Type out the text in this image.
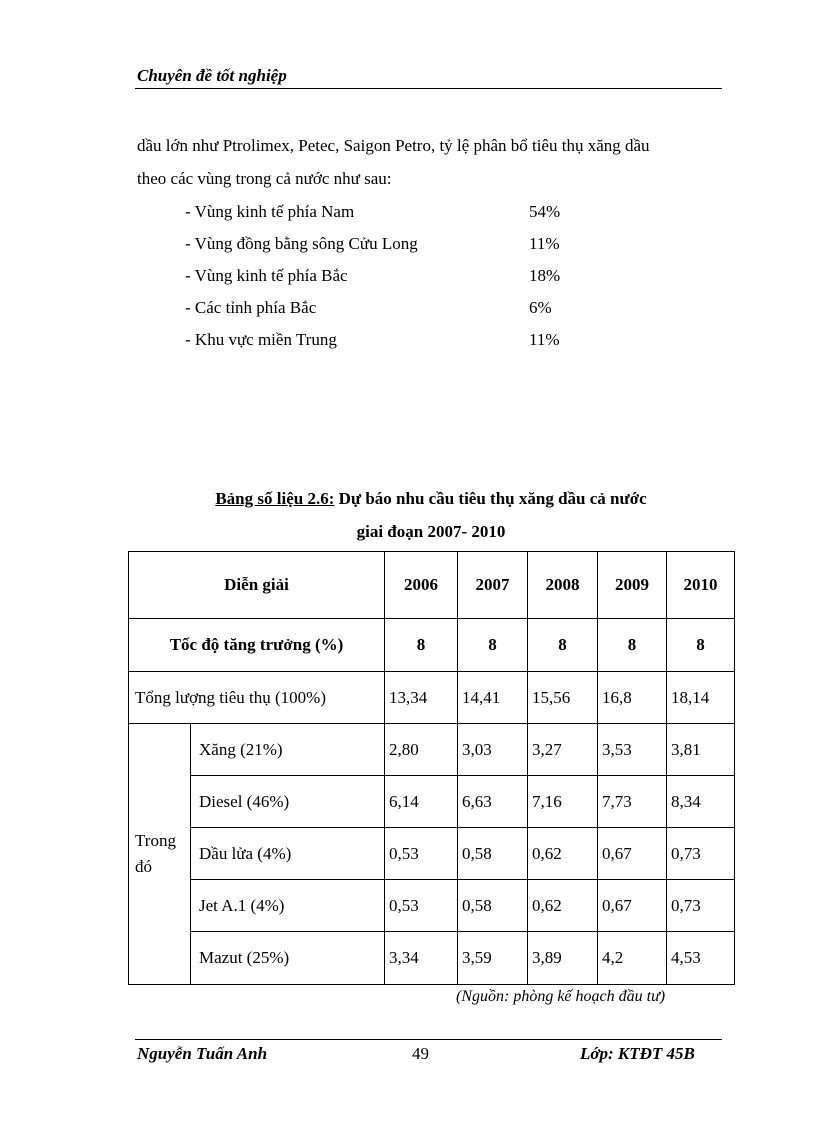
Chuyên đề tốt nghiệp
dầu lớn như Ptrolimex, Petec, Saigon Petro, tỷ lệ phân bổ tiêu thụ xăng dầu
theo các vùng trong cả nước như sau:
- Vùng kinh tế phía Nam	54%
- Vùng đồng bằng sông Cửu Long	11%
- Vùng kinh tế phía Bắc	18%
- Các tỉnh phía Bắc	6%
- Khu vực miền Trung	11%
Bảng số liệu 2.6: Dự báo nhu cầu tiêu thụ xăng dầu cả nước
giai đoạn 2007- 2010
Diễn giải		2006	2007	2008	2009	2010
Tốc độ tăng trưởng (%)		8	8	8	8	8
Tổng lượng tiêu thụ (100%)		13,34	14,41	15,56	16,8	18,14
Trong đó	Xăng (21%)	2,80	3,03	3,27	3,53	3,81
	Diesel (46%)	6,14	6,63	7,16	7,73	8,34
	Dầu lửa (4%)	0,53	0,58	0,62	0,67	0,73
	Jet A.1 (4%)	0,53	0,58	0,62	0,67	0,73
	Mazut (25%)	3,34	3,59	3,89	4,2	4,53
(Nguồn: phòng kế hoạch đầu tư)
Nguyễn Tuấn Anh	49	Lớp: KTĐT 45B
